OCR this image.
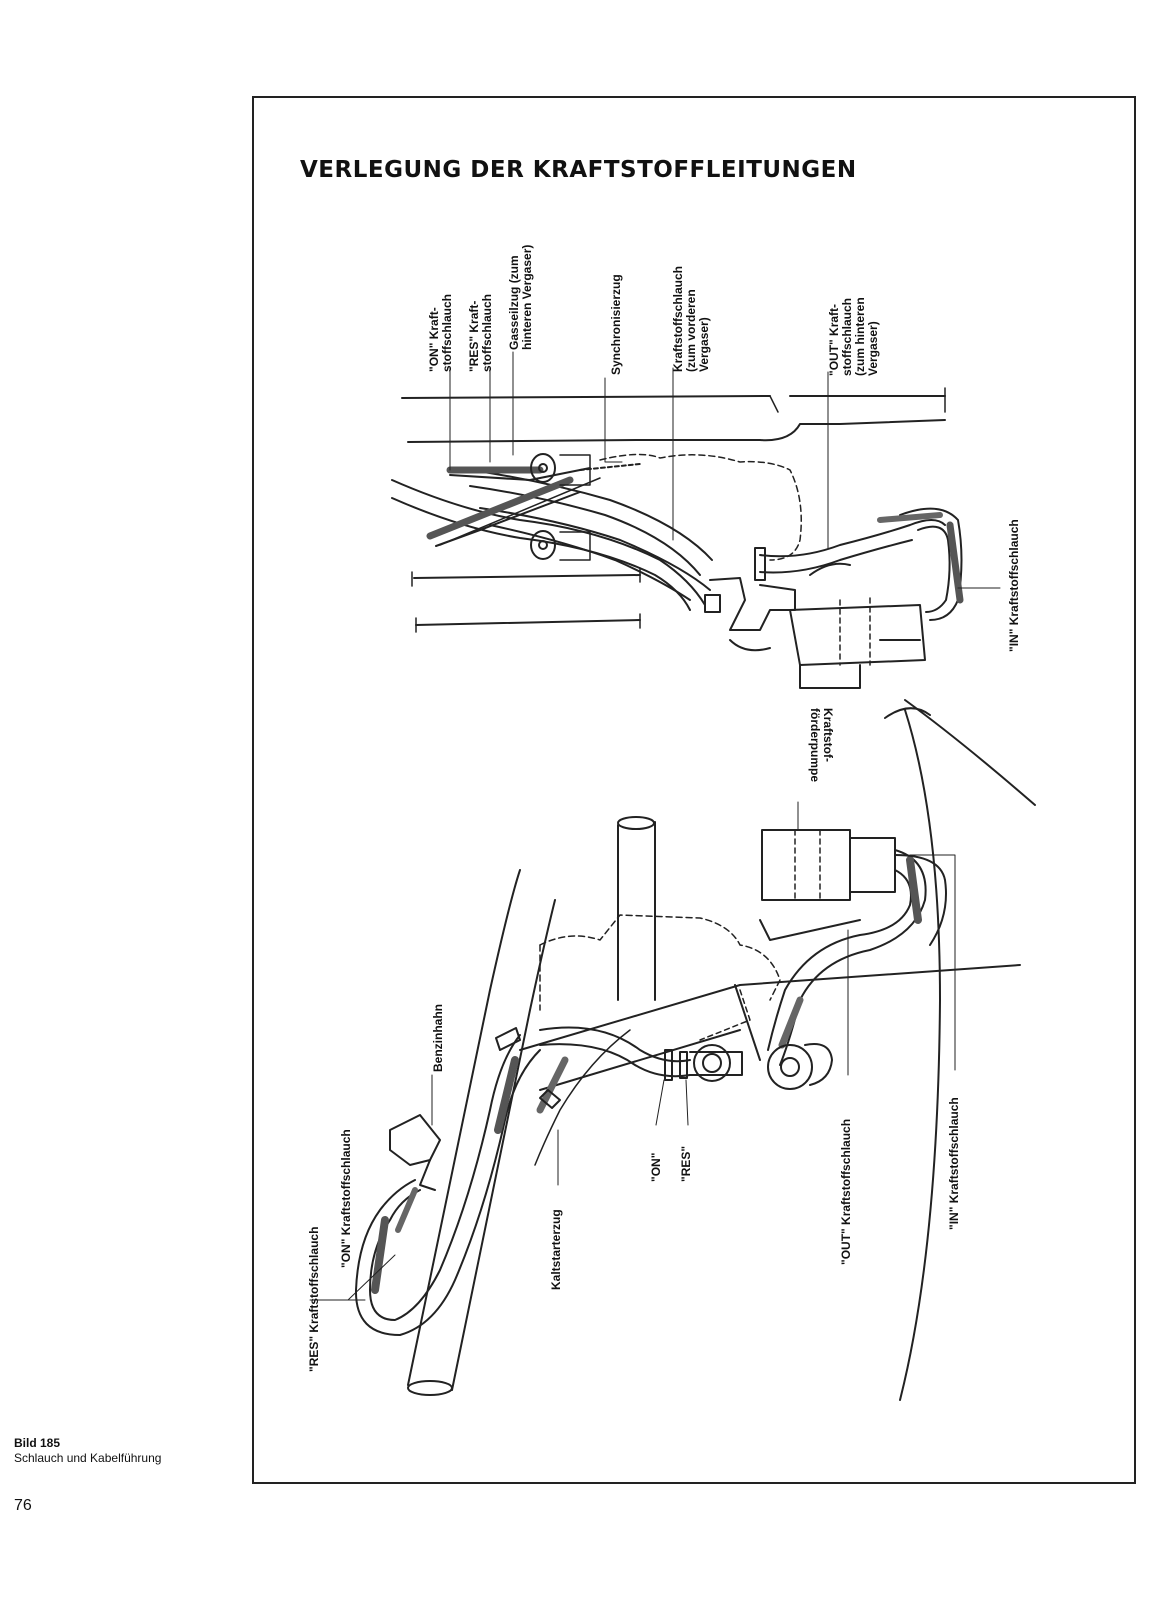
VERLEGUNG DER KRAFTSTOFFLEITUNGEN
"ON" Kraft-
stoffschlauch "RES" Kraft-
stoffschlauch Gasseilzug (zum
hinteren Vergaser)
Synchronisierzug	Kraftstoffschlauch
(zum vorderen
Vergaser)	"OUT" Kraft-
stoffschlauch
(zum hinteren
Vergaser)
"IN" Kraftstoffschlauch
Kraftstof-
förderpumpe
Benzinhahn
"ON" Kraftstoffschlauch
"RES" Kraftstoffschlauch	Kaltstarterzug
"ON" "RES"	"OUT" Kraftstoffschlauch	"IN" Kraftstoffschlauch
Bild 185
Schlauch und Kabelführung
76
